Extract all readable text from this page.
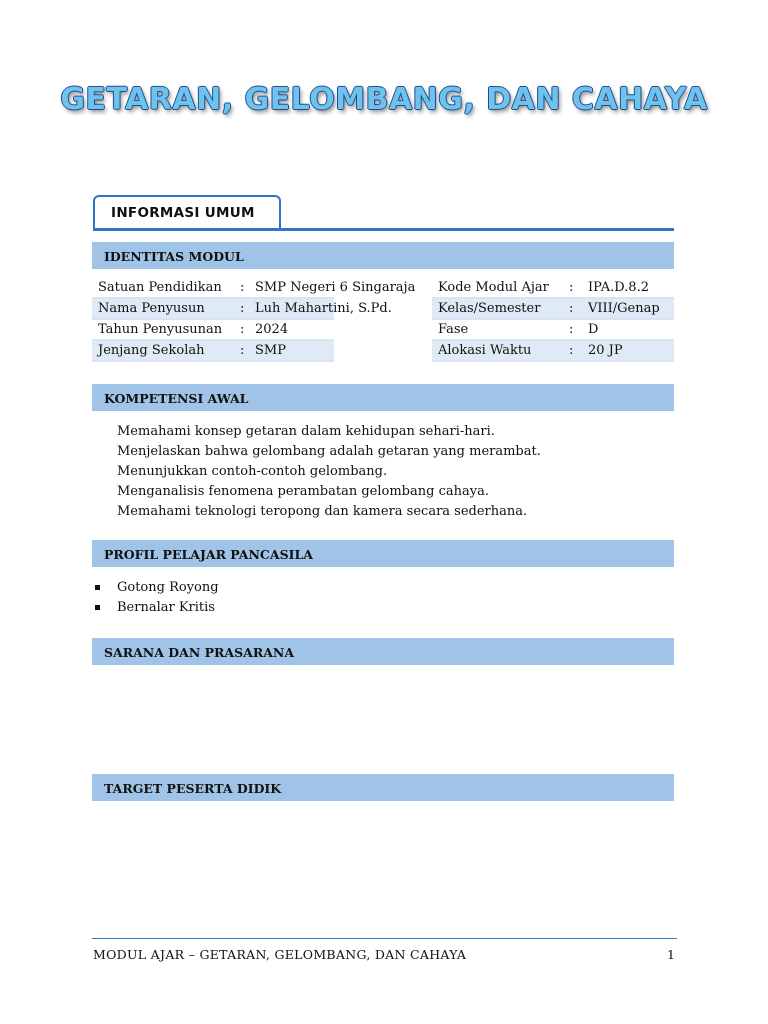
GETARAN, GELOMBANG, DAN CAHAYA
INFORMASI UMUM
IDENTITAS MODUL
Satuan Pendidikan : SMP Negeri 6 Singaraja
Nama Penyusun	: Luh Mahartini, S.Pd.
Tahun Penyusunan : 2024
Jenjang Sekolah	: SMP
Kode Modul Ajar : IPA.D.8.2
Kelas/Semester : VIII/Genap
Fase	: D
Alokasi Waktu	: 20 JP
KOMPETENSI AWAL
Memahami konsep getaran dalam kehidupan sehari-hari.
Menjelaskan bahwa gelombang adalah getaran yang merambat.
Menunjukkan contoh-contoh gelombang.
Menganalisis fenomena perambatan gelombang cahaya.
Memahami teknologi teropong dan kamera secara sederhana.
PROFIL PELAJAR PANCASILA
Gotong Royong
Bernalar Kritis
SARANA DAN PRASARANA
TARGET PESERTA DIDIK
MODUL AJAR – GETARAN, GELOMBANG, DAN CAHAYA	1
